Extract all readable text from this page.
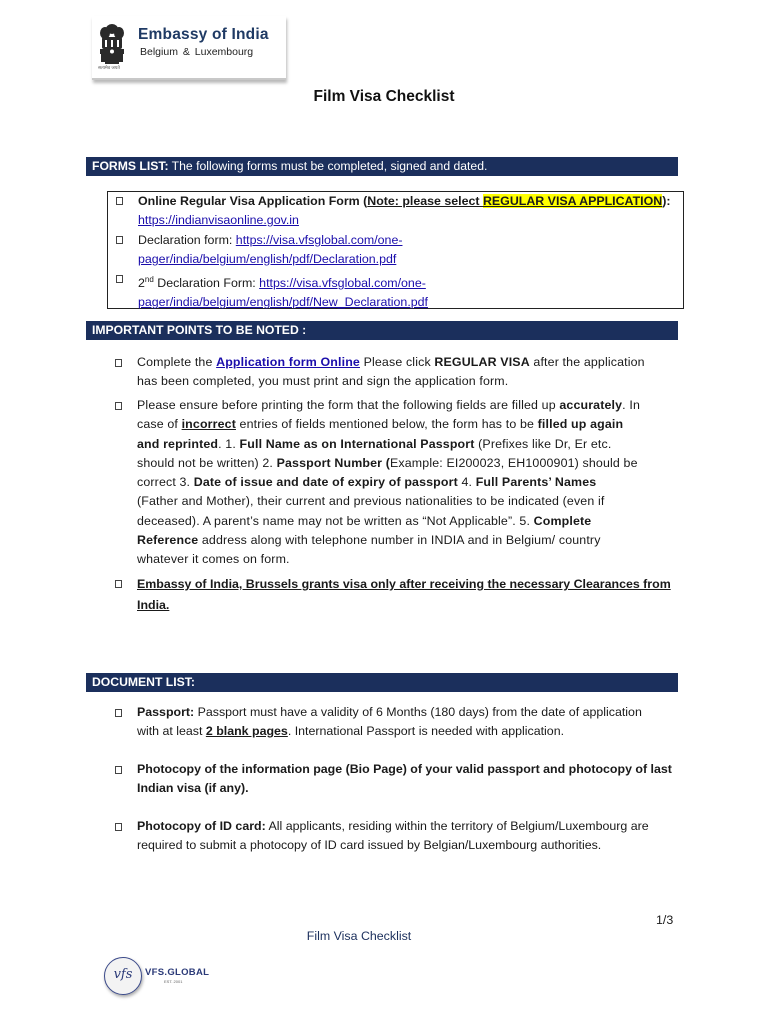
Embassy of India
Belgium & Luxembourg
सत्यमेव जयते
Film Visa Checklist
FORMS LIST: The following forms must be completed, signed and dated.
Online Regular Visa Application Form (Note: please select REGULAR VISA APPLICATION):
https://indianvisaonline.gov.in
Declaration form: https://visa.vfsglobal.com/one-
pager/india/belgium/english/pdf/Declaration.pdf
2nd Declaration Form: https://visa.vfsglobal.com/one-
pager/india/belgium/english/pdf/New_Declaration.pdf
IMPORTANT POINTS TO BE NOTED :
Complete the Application form Online Please click REGULAR VISA after the application
has been completed, you must print and sign the application form.
Please ensure before printing the form that the following fields are filled up accurately. In
case of incorrect entries of fields mentioned below, the form has to be filled up again
and reprinted. 1. Full Name as on International Passport (Prefixes like Dr, Er etc.
should not be written) 2. Passport Number (Example: EI200023, EH1000901) should be
correct 3. Date of issue and date of expiry of passport 4. Full Parents’ Names
(Father and Mother), their current and previous nationalities to be indicated (even if
deceased). A parent’s name may not be written as “Not Applicable”. 5. Complete
Reference address along with telephone number in INDIA and in Belgium/ country
whatever it comes on form.
Embassy of India, Brussels grants visa only after receiving the necessary Clearances from
India.
DOCUMENT LIST:
Passport: Passport must have a validity of 6 Months (180 days) from the date of application
with at least 2 blank pages. International Passport is needed with application.
Photocopy of the information page (Bio Page) of your valid passport and photocopy of last
Indian visa (if any).
Photocopy of ID card: All applicants, residing within the territory of Belgium/Luxembourg are
required to submit a photocopy of ID card issued by Belgian/Luxembourg authorities.
1/3
Film Visa Checklist
vfs	VFS.GLOBAL
EST. 2001
